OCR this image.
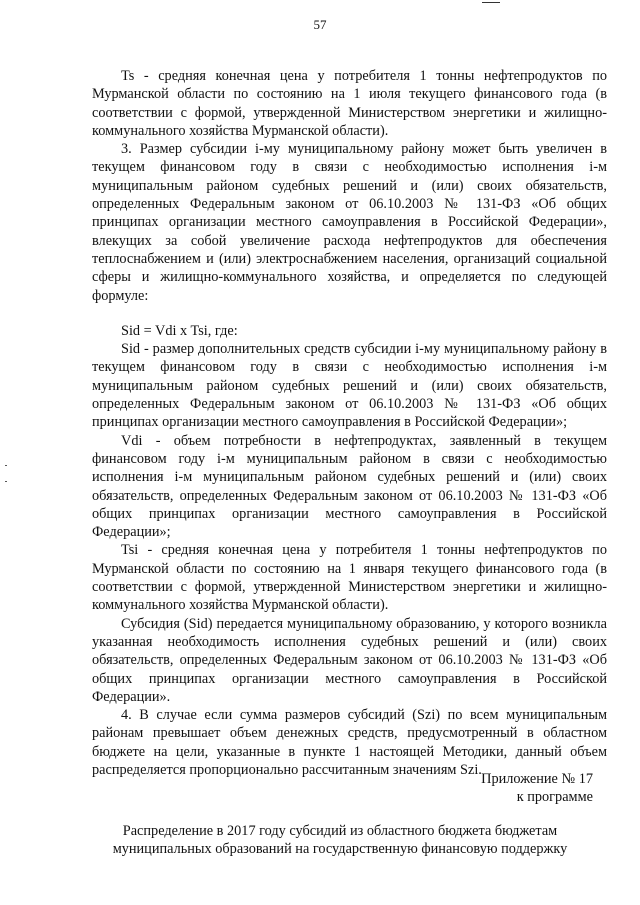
57

Ts - средняя конечная цена у потребителя 1 тонны нефтепродуктов по Мурманской области по состоянию на 1 июля текущего финансового года (в соответствии с формой, утвержденной Министерством энергетики и жилищно-коммунального хозяйства Мурманской области).

3. Размер субсидии i-му муниципальному району может быть увеличен в текущем финансовом году в связи с необходимостью исполнения i-м муниципальным районом судебных решений и (или) своих обязательств, определенных Федеральным законом от 06.10.2003 № 131-ФЗ «Об общих принципах организации местного самоуправления в Российской Федерации», влекущих за собой увеличение расхода нефтепродуктов для обеспечения теплоснабжением и (или) электроснабжением населения, организаций социальной сферы и жилищно-коммунального хозяйства, и определяется по следующей формуле:

Sid = Vdi x Tsi, где:

Sid - размер дополнительных средств субсидии i-му муниципальному району в текущем финансовом году в связи с необходимостью исполнения i-м муниципальным районом судебных решений и (или) своих обязательств, определенных Федеральным законом от 06.10.2003 № 131-ФЗ «Об общих принципах организации местного самоуправления в Российской Федерации»;

Vdi - объем потребности в нефтепродуктах, заявленный в текущем финансовом году i-м муниципальным районом в связи с необходимостью исполнения i-м муниципальным районом судебных решений и (или) своих обязательств, определенных Федеральным законом от 06.10.2003 № 131-ФЗ «Об общих принципах организации местного самоуправления в Российской Федерации»;

Tsi - средняя конечная цена у потребителя 1 тонны нефтепродуктов по Мурманской области по состоянию на 1 января текущего финансового года (в соответствии с формой, утвержденной Министерством энергетики и жилищно-коммунального хозяйства Мурманской области).

Субсидия (Sid) передается муниципальному образованию, у которого возникла указанная необходимость исполнения судебных решений и (или) своих обязательств, определенных Федеральным законом от 06.10.2003 № 131-ФЗ «Об общих принципах организации местного самоуправления в Российской Федерации».

4. В случае если сумма размеров субсидий (Szi) по всем муниципальным районам превышает объем денежных средств, предусмотренный в областном бюджете на цели, указанные в пункте 1 настоящей Методики, данный объем распределяется пропорционально рассчитанным значениям Szi.

Приложение № 17
к программе
Распределение в 2017 году субсидий из областного бюджета бюджетам
муниципальных образований на государственную финансовую поддержку
